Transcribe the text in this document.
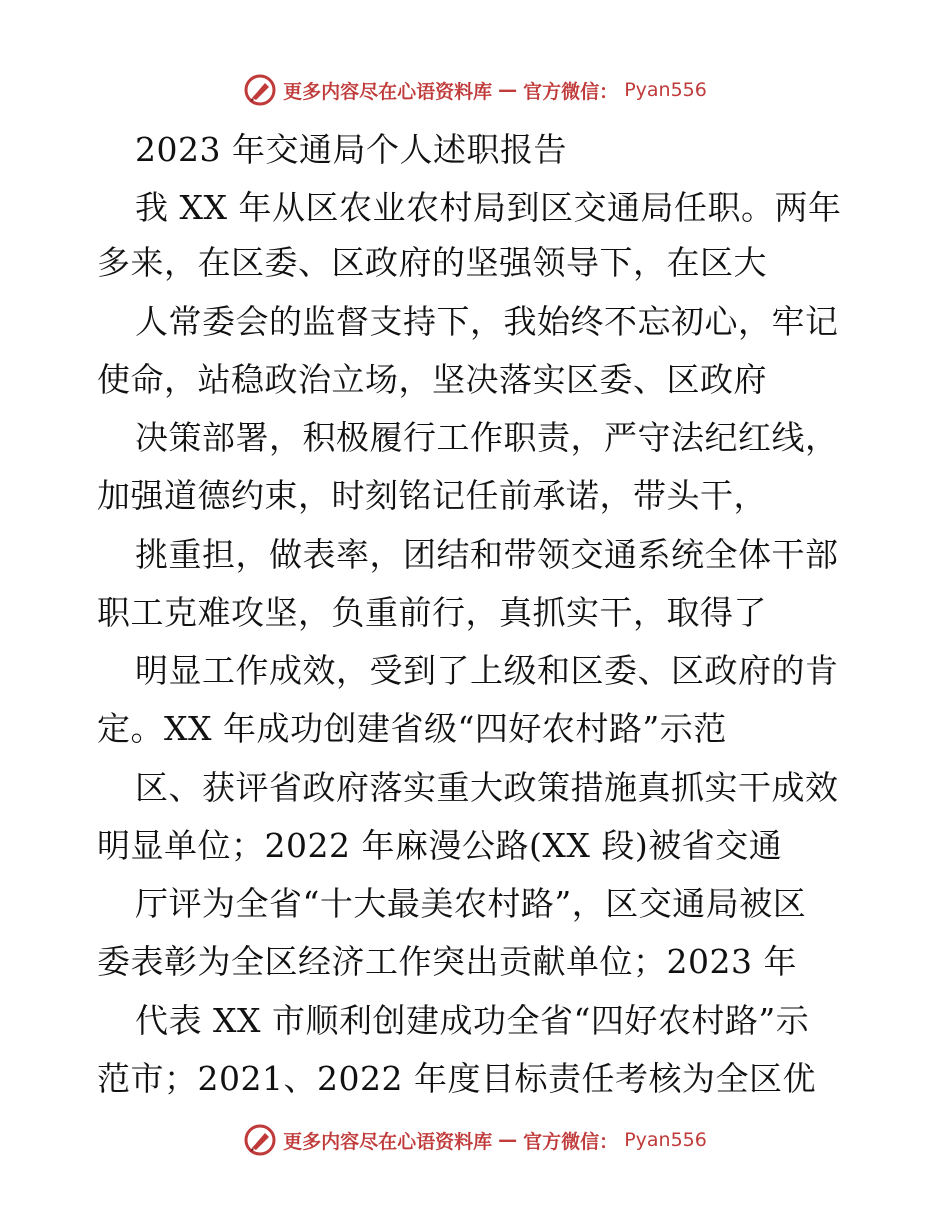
更多内容尽在心语资料库 — 官方微信： Pyan556
2023 年交通局个人述职报告
我 XX 年从区农业农村局到区交通局任职。两年
多来，在区委、区政府的坚强领导下，在区大
人常委会的监督支持下，我始终不忘初心，牢记
使命，站稳政治立场，坚决落实区委、区政府
决策部署，积极履行工作职责，严守法纪红线，
加强道德约束，时刻铭记任前承诺，带头干，
挑重担，做表率，团结和带领交通系统全体干部
职工克难攻坚，负重前行，真抓实干，取得了
明显工作成效，受到了上级和区委、区政府的肯
定。XX 年成功创建省级“四好农村路”示范
区、获评省政府落实重大政策措施真抓实干成效
明显单位；2022 年麻漫公路(XX 段)被省交通
厅评为全省“十大最美农村路”，区交通局被区
委表彰为全区经济工作突出贡献单位；2023 年
代表 XX 市顺利创建成功全省“四好农村路”示
范市；2021、2022 年度目标责任考核为全区优
更多内容尽在心语资料库 — 官方微信： Pyan556
